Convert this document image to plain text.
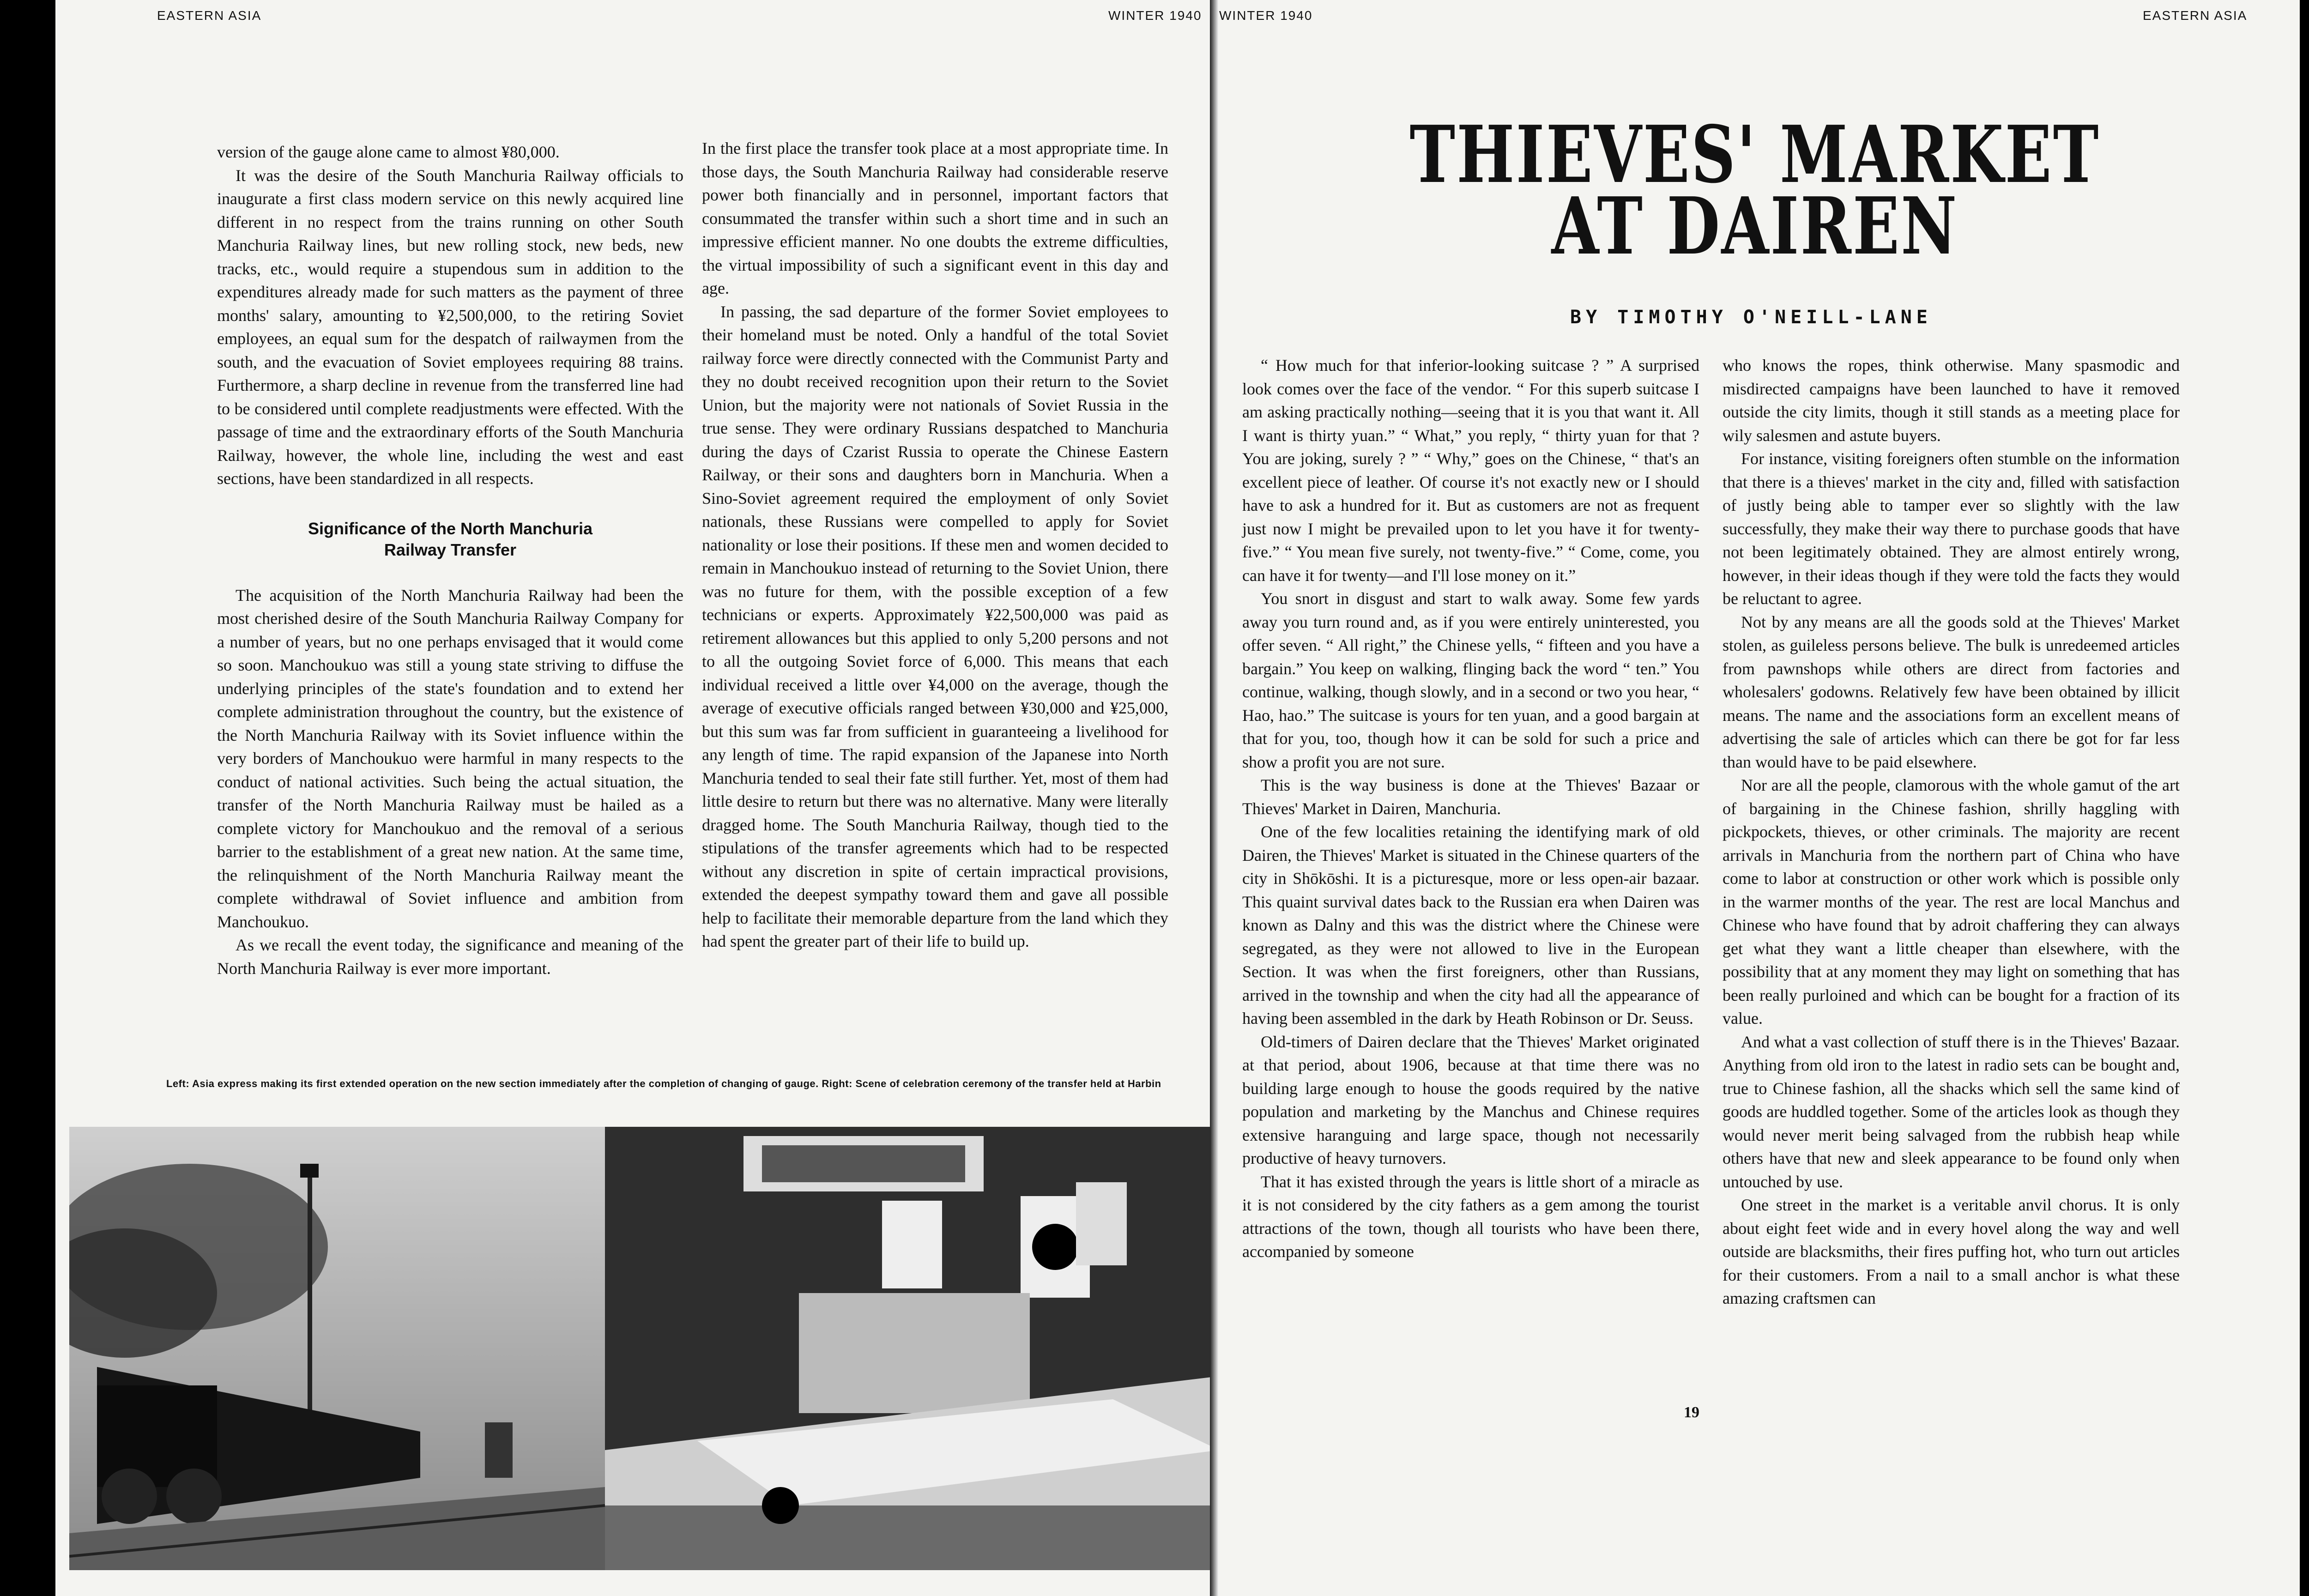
EASTERN ASIA	WINTER 1940

version of the gauge alone came to almost ¥80,000.

It was the desire of the South Manchuria Railway officials to inaugurate a first class modern service on this newly acquired line different in no respect from the trains running on other South Manchuria Railway lines, but new rolling stock, new beds, new tracks, etc., would require a stupendous sum in addition to the expenditures already made for such matters as the payment of three months' salary, amounting to ¥2,500,000, to the retiring Soviet employees, an equal sum for the despatch of railwaymen from the south, and the evacuation of Soviet employees requiring 88 trains. Furthermore, a sharp decline in revenue from the transferred line had to be considered until complete readjustments were effected. With the passage of time and the extraordinary efforts of the South Manchuria Railway, however, the whole line, including the west and east sections, have been standardized in all respects.

Significance of the North Manchuria
Railway Transfer

The acquisition of the North Manchuria Railway had been the most cherished desire of the South Manchuria Railway Company for a number of years, but no one perhaps envisaged that it would come so soon. Manchoukuo was still a young state striving to diffuse the underlying principles of the state's foundation and to extend her complete administration throughout the country, but the existence of the North Manchuria Railway with its Soviet influence within the very borders of Manchoukuo were harmful in many respects to the conduct of national activities. Such being the actual situation, the transfer of the North Manchuria Railway must be hailed as a complete victory for Manchoukuo and the removal of a serious barrier to the establishment of a great new nation. At the same time, the relinquishment of the North Manchuria Railway meant the complete withdrawal of Soviet influence and ambition from Manchoukuo.

As we recall the event today, the significance and meaning of the North Manchuria Railway is ever more important.

In the first place the transfer took place at a most appropriate time. In those days, the South Manchuria Railway had considerable reserve power both financially and in personnel, important factors that consummated the transfer within such a short time and in such an impressive efficient manner. No one doubts the extreme difficulties, the virtual impossibility of such a significant event in this day and age.

In passing, the sad departure of the former Soviet employees to their homeland must be noted. Only a handful of the total Soviet railway force were directly connected with the Communist Party and they no doubt received recognition upon their return to the Soviet Union, but the majority were not nationals of Soviet Russia in the true sense. They were ordinary Russians despatched to Manchuria during the days of Czarist Russia to operate the Chinese Eastern Railway, or their sons and daughters born in Manchuria. When a Sino-Soviet agreement required the employment of only Soviet nationals, these Russians were compelled to apply for Soviet nationality or lose their positions. If these men and women decided to remain in Manchoukuo instead of returning to the Soviet Union, there was no future for them, with the possible exception of a few technicians or experts. Approximately ¥22,500,000 was paid as retirement allowances but this applied to only 5,200 persons and not to all the outgoing Soviet force of 6,000. This means that each individual received a little over ¥4,000 on the average, though the average of executive officials ranged between ¥30,000 and ¥25,000, but this sum was far from sufficient in guaranteeing a livelihood for any length of time. The rapid expansion of the Japanese into North Manchuria tended to seal their fate still further. Yet, most of them had little desire to return but there was no alternative. Many were literally dragged home. The South Manchuria Railway, though tied to the stipulations of the transfer agreements which had to be respected without any discretion in spite of certain impractical provisions, extended the deepest sympathy toward them and gave all possible help to facilitate their memorable departure from the land which they had spent the greater part of their life to build up.

Left: Asia express making its first extended operation on the new section immediately after the completion of changing of gauge. Right: Scene of celebration ceremony of the transfer held at Harbin
WINTER 1940	EASTERN ASIA
THIEVES' MARKET
AT DAIREN
BY TIMOTHY O'NEILL-LANE

“ How much for that inferior-looking suitcase ? ” A surprised look comes over the face of the vendor. “ For this superb suitcase I am asking practically nothing—seeing that it is you that want it. All I want is thirty yuan.” “ What,” you reply, “ thirty yuan for that ? You are joking, surely ? ” “ Why,” goes on the Chinese, “ that's an excellent piece of leather. Of course it's not exactly new or I should have to ask a hundred for it. But as customers are not as frequent just now I might be prevailed upon to let you have it for twenty-five.” “ You mean five surely, not twenty-five.” “ Come, come, you can have it for twenty—and I'll lose money on it.”

You snort in disgust and start to walk away. Some few yards away you turn round and, as if you were entirely uninterested, you offer seven. “ All right,” the Chinese yells, “ fifteen and you have a bargain.” You keep on walking, flinging back the word “ ten.” You continue, walking, though slowly, and in a second or two you hear, “ Hao, hao.” The suitcase is yours for ten yuan, and a good bargain at that for you, too, though how it can be sold for such a price and show a profit you are not sure.

This is the way business is done at the Thieves' Bazaar or Thieves' Market in Dairen, Manchuria.

One of the few localities retaining the identifying mark of old Dairen, the Thieves' Market is situated in the Chinese quarters of the city in Shōkōshi. It is a picturesque, more or less open-air bazaar. This quaint survival dates back to the Russian era when Dairen was known as Dalny and this was the district where the Chinese were segregated, as they were not allowed to live in the European Section. It was when the first foreigners, other than Russians, arrived in the township and when the city had all the appearance of having been assembled in the dark by Heath Robinson or Dr. Seuss.

Old-timers of Dairen declare that the Thieves' Market originated at that period, about 1906, because at that time there was no building large enough to house the goods required by the native population and marketing by the Manchus and Chinese requires extensive haranguing and large space, though not necessarily productive of heavy turnovers.

That it has existed through the years is little short of a miracle as it is not considered by the city fathers as a gem among the tourist attractions of the town, though all tourists who have been there, accompanied by someone

who knows the ropes, think otherwise. Many spasmodic and misdirected campaigns have been launched to have it removed outside the city limits, though it still stands as a meeting place for wily salesmen and astute buyers.

For instance, visiting foreigners often stumble on the information that there is a thieves' market in the city and, filled with satisfaction of justly being able to tamper ever so slightly with the law successfully, they make their way there to purchase goods that have not been legitimately obtained. They are almost entirely wrong, however, in their ideas though if they were told the facts they would be reluctant to agree.

Not by any means are all the goods sold at the Thieves' Market stolen, as guileless persons believe. The bulk is unredeemed articles from pawnshops while others are direct from factories and wholesalers' godowns. Relatively few have been obtained by illicit means. The name and the associations form an excellent means of advertising the sale of articles which can there be got for far less than would have to be paid elsewhere.

Nor are all the people, clamorous with the whole gamut of the art of bargaining in the Chinese fashion, shrilly haggling with pickpockets, thieves, or other criminals. The majority are recent arrivals in Manchuria from the northern part of China who have come to labor at construction or other work which is possible only in the warmer months of the year. The rest are local Manchus and Chinese who have found that by adroit chaffering they can always get what they want a little cheaper than elsewhere, with the possibility that at any moment they may light on something that has been really purloined and which can be bought for a fraction of its value.

And what a vast collection of stuff there is in the Thieves' Bazaar. Anything from old iron to the latest in radio sets can be bought and, true to Chinese fashion, all the shacks which sell the same kind of goods are huddled together. Some of the articles look as though they would never merit being salvaged from the rubbish heap while others have that new and sleek appearance to be found only when untouched by use.

One street in the market is a veritable anvil chorus. It is only about eight feet wide and in every hovel along the way and well outside are blacksmiths, their fires puffing hot, who turn out articles for their customers. From a nail to a small anchor is what these amazing craftsmen can

19
